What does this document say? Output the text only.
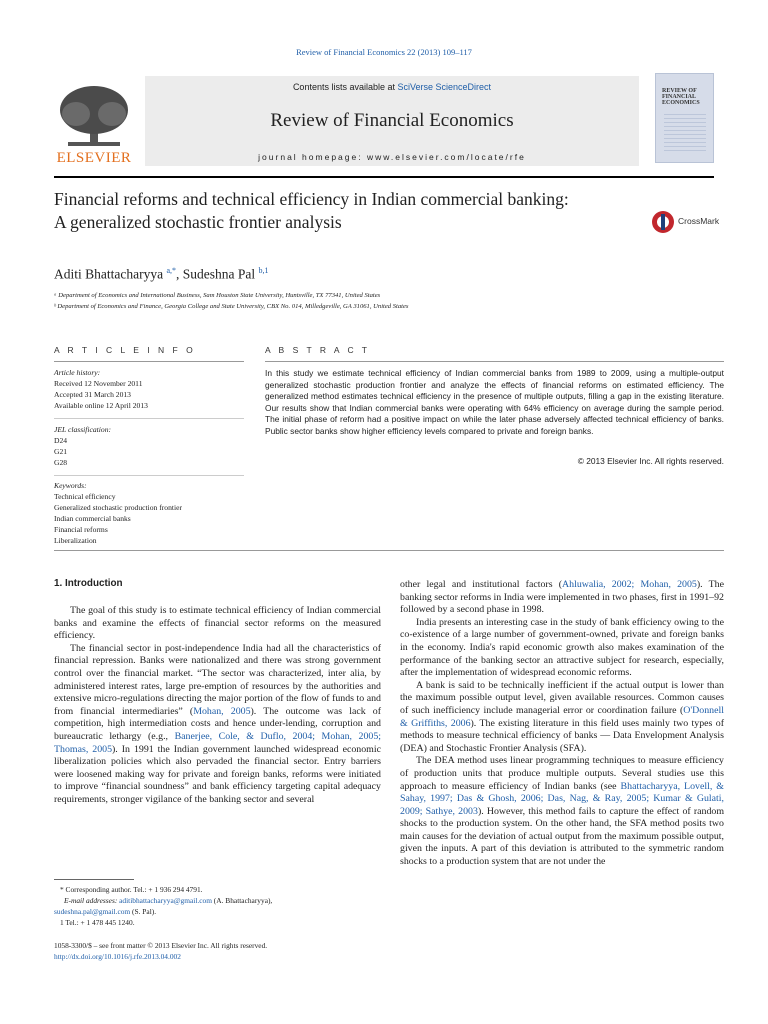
Review of Financial Economics 22 (2013) 109–117
ELSEVIER
Contents lists available at SciVerse ScienceDirect
Review of Financial Economics
journal homepage: www.elsevier.com/locate/rfe
REVIEW OF FINANCIAL ECONOMICS
Financial reforms and technical efficiency in Indian commercial banking:
A generalized stochastic frontier analysis	CrossMark
Aditi Bhattacharyya $^{a,*}$, Sudeshna Pal $^{b,1}$
ᵃ Department of Economics and International Business, Sam Houston State University, Huntsville, TX 77341, United States
ᵇ Department of Economics and Finance, Georgia College and State University, CBX No. 014, Milledgeville, GA 31061, United States
A R T I C L E I N F O	A B S T R A C T
Article history:
Received 12 November 2011
Accepted 31 March 2013
Available online 12 April 2013
JEL classification:
D24
G21
G28
Keywords:
Technical efficiency
Generalized stochastic production frontier
Indian commercial banks
Financial reforms
Liberalization
In this study we estimate technical efficiency of Indian commercial banks from 1989 to 2009, using a multiple-output generalized stochastic production frontier and analyze the effects of financial reforms on estimated efficiency. The generalized method estimates technical efficiency in the presence of multiple outputs, filling a gap in the existing literature. Our results show that Indian commercial banks were operating with 64% efficiency on average during the sample period. The initial phase of reform had a positive impact on while the later phase adversely affected technical efficiency of banks. Public sector banks show higher efficiency levels compared to private and foreign banks.
© 2013 Elsevier Inc. All rights reserved.
1. Introduction

The goal of this study is to estimate technical efficiency of Indian commercial banks and examine the effects of financial sector reforms on the measured efficiency.

The financial sector in post-independence India had all the characteristics of financial repression. Banks were nationalized and there was strong government control over the financial market. “The sector was characterized, inter alia, by administered interest rates, large pre-emption of resources by the authorities and extensive micro-regulations directing the major portion of the flow of funds to and from financial intermediaries” (Mohan, 2005). The outcome was lack of competition, high intermediation costs and hence under-lending, corruption and bureaucratic lethargy (e.g., Banerjee, Cole, & Duflo, 2004; Mohan, 2005; Thomas, 2005). In 1991 the Indian government launched widespread economic liberalization policies which also pervaded the financial sector. Entry barriers were loosened making way for private and foreign banks, reforms were initiated to improve “financial soundness” and bank efficiency targeting capital adequacy requirements, stronger vigilance of the banking sector and several

other legal and institutional factors (Ahluwalia, 2002; Mohan, 2005). The banking sector reforms in India were implemented in two phases, first in 1991–92 followed by a second phase in 1998.

India presents an interesting case in the study of bank efficiency owing to the co-existence of a large number of government-owned, private and foreign banks in the economy. India's rapid economic growth also makes examination of the performance of the banking sector an attractive subject for research, especially, after the implementation of widespread economic reforms.

A bank is said to be technically inefficient if the actual output is lower than the maximum possible output level, given available resources. Common causes of such inefficiency include managerial error or coordination failure (O'Donnell & Griffiths, 2006). The existing literature in this field uses mainly two types of methods to measure technical efficiency of banks — Data Envelopment Analysis (DEA) and Stochastic Frontier Analysis (SFA).

The DEA method uses linear programming techniques to measure efficiency of production units that produce multiple outputs. Several studies use this approach to measure efficiency of Indian banks (see Bhattacharyya, Lovell, & Sahay, 1997; Das & Ghosh, 2006; Das, Nag, & Ray, 2005; Kumar & Gulati, 2009; Sathye, 2003). However, this method fails to capture the effect of random shocks to the production system. On the other hand, the SFA method posits two main causes for the deviation of actual output from the maximum possible output, given the inputs. A part of this deviation is attributed to the symmetric random shocks to a production system that are not under the

* Corresponding author. Tel.: + 1 936 294 4791.
E-mail addresses: aditibhattacharyya@gmail.com (A. Bhattacharyya),
sudeshna.pal@gmail.com (S. Pal).
1 Tel.: + 1 478 445 1240.
1058-3300/$ – see front matter © 2013 Elsevier Inc. All rights reserved.
http://dx.doi.org/10.1016/j.rfe.2013.04.002
